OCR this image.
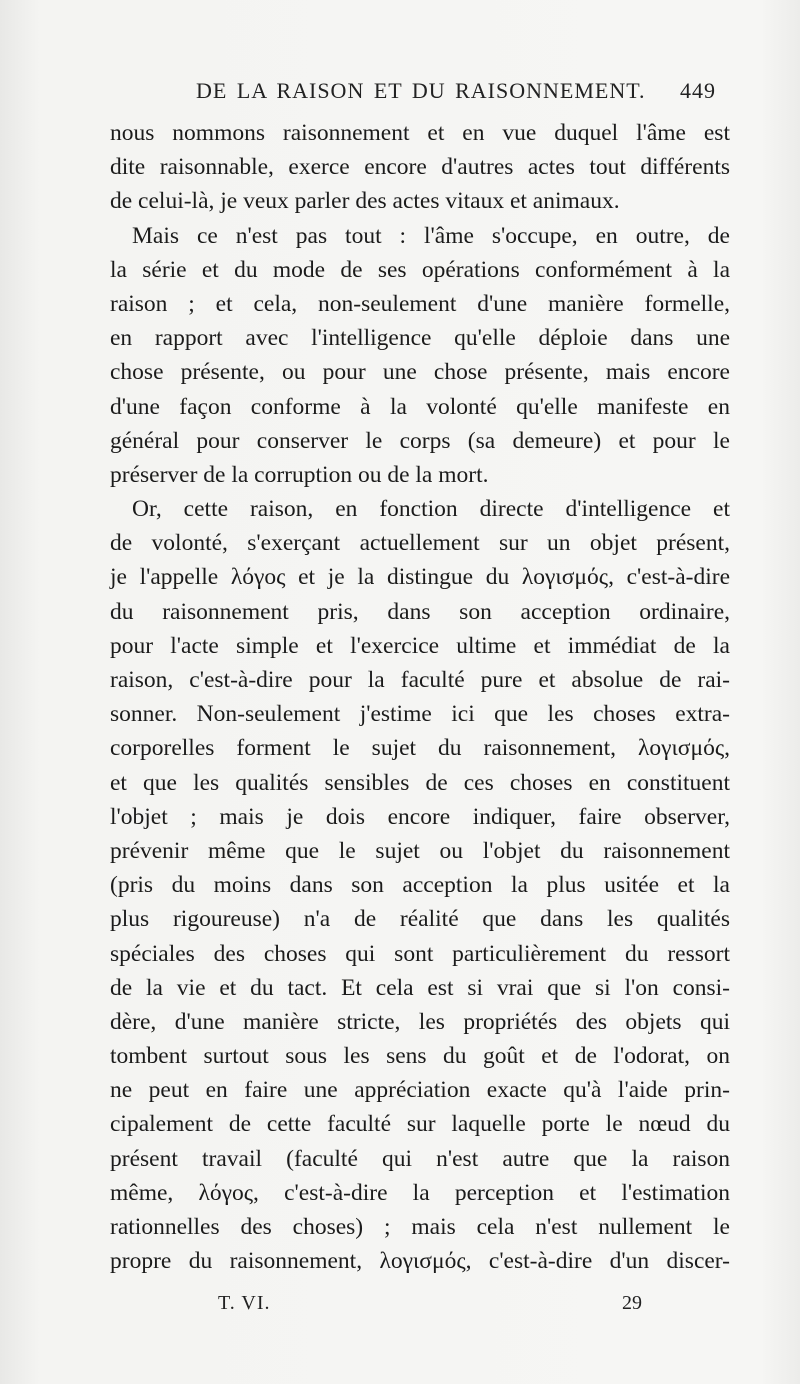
DE LA RAISON ET DU RAISONNEMENT. 449
nous nommons raisonnement et en vue duquel l'âme est
dite raisonnable, exerce encore d'autres actes tout différents
de celui-là, je veux parler des actes vitaux et animaux.
Mais ce n'est pas tout : l'âme s'occupe, en outre, de
la série et du mode de ses opérations conformément à la
raison ; et cela, non-seulement d'une manière formelle,
en rapport avec l'intelligence qu'elle déploie dans une
chose présente, ou pour une chose présente, mais encore
d'une façon conforme à la volonté qu'elle manifeste en
général pour conserver le corps (sa demeure) et pour le
préserver de la corruption ou de la mort.
Or, cette raison, en fonction directe d'intelligence et
de volonté, s'exerçant actuellement sur un objet présent,
je l'appelle λόγος et je la distingue du λογισμός, c'est-à-dire
du raisonnement pris, dans son acception ordinaire,
pour l'acte simple et l'exercice ultime et immédiat de la
raison, c'est-à-dire pour la faculté pure et absolue de rai-
sonner. Non-seulement j'estime ici que les choses extra-
corporelles forment le sujet du raisonnement, λογισμός,
et que les qualités sensibles de ces choses en constituent
l'objet ; mais je dois encore indiquer, faire observer,
prévenir même que le sujet ou l'objet du raisonnement
(pris du moins dans son acception la plus usitée et la
plus rigoureuse) n'a de réalité que dans les qualités
spéciales des choses qui sont particulièrement du ressort
de la vie et du tact. Et cela est si vrai que si l'on consi-
dère, d'une manière stricte, les propriétés des objets qui
tombent surtout sous les sens du goût et de l'odorat, on
ne peut en faire une appréciation exacte qu'à l'aide prin-
cipalement de cette faculté sur laquelle porte le nœud du
présent travail (faculté qui n'est autre que la raison
même, λόγος, c'est-à-dire la perception et l'estimation
rationnelles des choses) ; mais cela n'est nullement le
propre du raisonnement, λογισμός, c'est-à-dire d'un discer-
T. VI.	29
